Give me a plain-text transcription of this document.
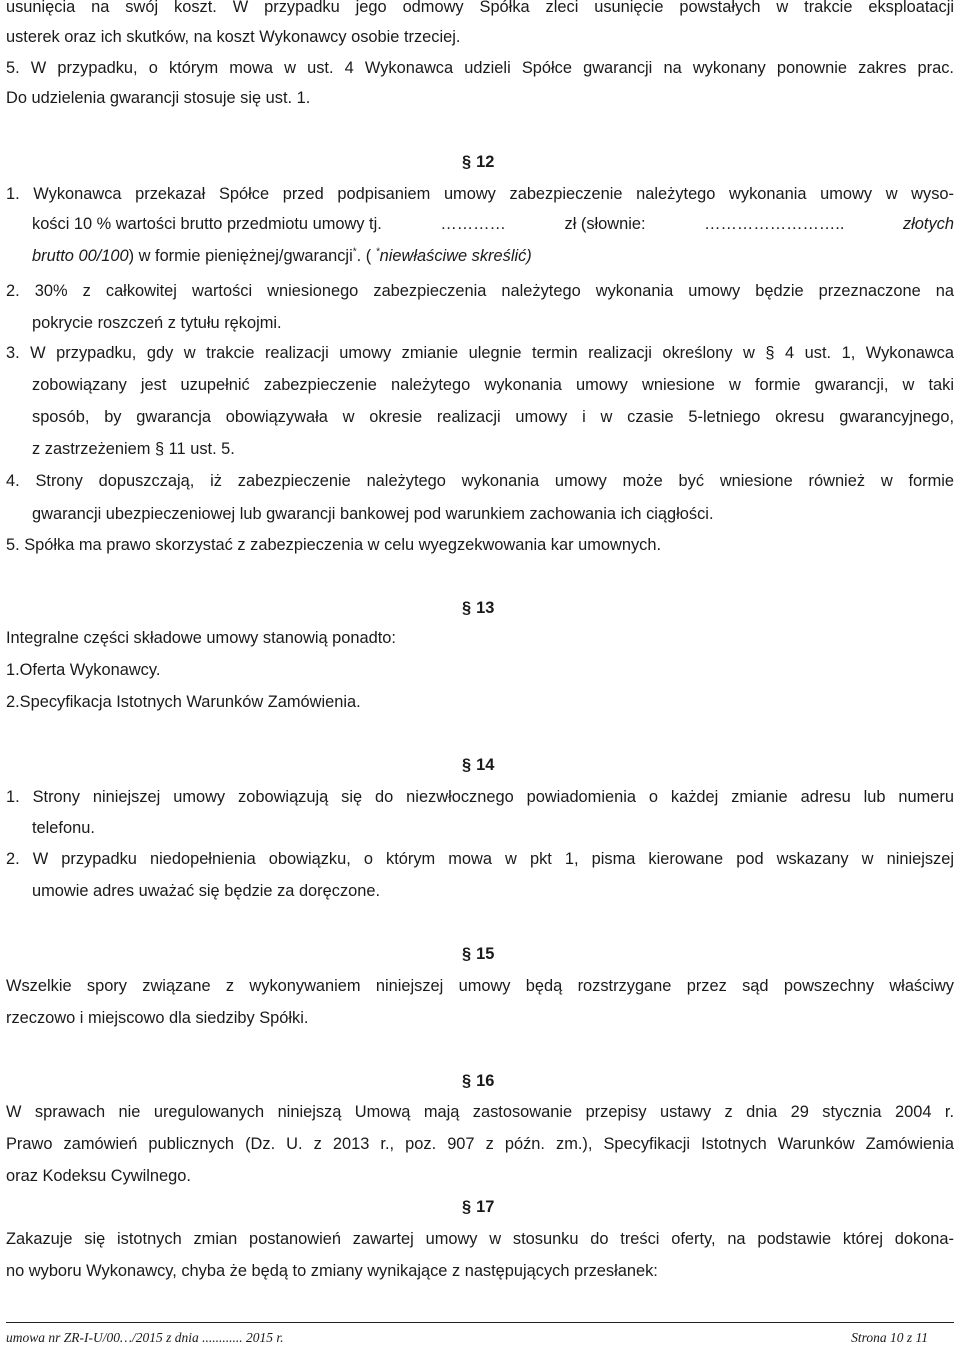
usunięcia na swój koszt. W przypadku jego odmowy Spółka zleci usunięcie powstałych w trakcie eksploatacji
usterek oraz ich skutków, na koszt Wykonawcy osobie trzeciej.
5. W przypadku, o którym mowa w ust. 4 Wykonawca udzieli Spółce gwarancji na wykonany ponownie zakres prac.
Do udzielenia gwarancji stosuje się ust. 1.
§ 12
1. Wykonawca przekazał Spółce przed podpisaniem umowy zabezpieczenie należytego wykonania umowy w wyso-
kości 10 % wartości brutto przedmiotu umowy tj.	…………	zł (słownie:	……………………..	złotych
brutto 00/100) w formie pieniężnej/gwarancji*. ( *niewłaściwe skreślić)
2. 30% z całkowitej wartości wniesionego zabezpieczenia należytego wykonania umowy będzie przeznaczone na
pokrycie roszczeń z tytułu rękojmi.
3. W przypadku, gdy w trakcie realizacji umowy zmianie ulegnie termin realizacji określony w § 4 ust. 1, Wykonawca
zobowiązany jest uzupełnić zabezpieczenie należytego wykonania umowy wniesione w formie gwarancji, w taki
sposób, by gwarancja obowiązywała w okresie realizacji umowy i w czasie 5-letniego okresu gwarancyjnego,
z zastrzeżeniem § 11 ust. 5.
4. Strony dopuszczają, iż zabezpieczenie należytego wykonania umowy może być wniesione również w formie
gwarancji ubezpieczeniowej lub gwarancji bankowej pod warunkiem zachowania ich ciągłości.
5. Spółka ma prawo skorzystać z zabezpieczenia w celu wyegzekwowania kar umownych.
§ 13
Integralne części składowe umowy stanowią ponadto:
1.Oferta Wykonawcy.
2.Specyfikacja Istotnych Warunków Zamówienia.
§ 14
1. Strony niniejszej umowy zobowiązują się do niezwłocznego powiadomienia o każdej zmianie adresu lub numeru
telefonu.
2. W przypadku niedopełnienia obowiązku, o którym mowa w pkt 1, pisma kierowane pod wskazany w niniejszej
umowie adres uważać się będzie za doręczone.
§ 15
Wszelkie spory związane z wykonywaniem niniejszej umowy będą rozstrzygane przez sąd powszechny właściwy
rzeczowo i miejscowo dla siedziby Spółki.
§ 16
W sprawach nie uregulowanych niniejszą Umową mają zastosowanie przepisy ustawy z dnia 29 stycznia 2004 r.
Prawo zamówień publicznych (Dz. U. z 2013 r., poz. 907 z późn. zm.), Specyfikacji Istotnych Warunków Zamówienia
oraz Kodeksu Cywilnego.
§ 17
Zakazuje się istotnych zmian postanowień zawartej umowy w stosunku do treści oferty, na podstawie której dokona-
no wyboru Wykonawcy, chyba że będą to zmiany wynikające z następujących przesłanek:
umowa nr ZR-I-U/00…/2015 z dnia ............ 2015 r.	Strona 10 z 11
